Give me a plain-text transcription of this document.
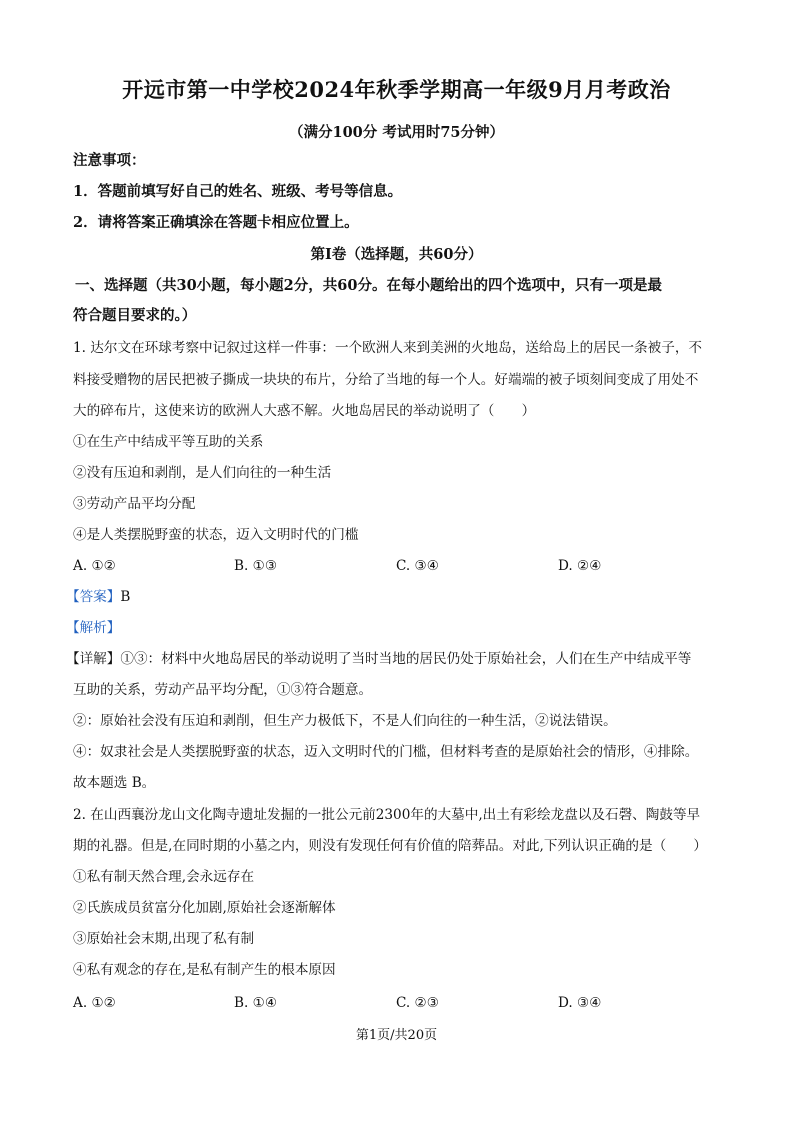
开远市第一中学校2024年秋季学期高一年级9月月考政治
（满分100分 考试用时75分钟）
注意事项：
1．答题前填写好自己的姓名、班级、考号等信息。
2．请将答案正确填涂在答题卡相应位置上。
第Ⅰ卷（选择题，共60分）
一、选择题（共30小题，每小题2分，共60分。在每小题给出的四个选项中，只有一项是最
符合题目要求的。）
1. 达尔文在环球考察中记叙过这样一件事：一个欧洲人来到美洲的火地岛，送给岛上的居民一条被子，不
料接受赠物的居民把被子撕成一块块的布片，分给了当地的每一个人。好端端的被子顷刻间变成了用处不
大的碎布片，这使来访的欧洲人大惑不解。火地岛居民的举动说明了（　　）
①在生产中结成平等互助的关系
②没有压迫和剥削，是人们向往的一种生活
③劳动产品平均分配
④是人类摆脱野蛮的状态，迈入文明时代的门槛
A. ①②	B. ①③	C. ③④	D. ②④
【答案】B
【解析】
【详解】①③：材料中火地岛居民的举动说明了当时当地的居民仍处于原始社会，人们在生产中结成平等
互助的关系，劳动产品平均分配，①③符合题意。
②：原始社会没有压迫和剥削，但生产力极低下，不是人们向往的一种生活，②说法错误。
④：奴隶社会是人类摆脱野蛮的状态，迈入文明时代的门槛，但材料考查的是原始社会的情形，④排除。
故本题选 B。
2. 在山西襄汾龙山文化陶寺遗址发掘的一批公元前2300年的大墓中,出土有彩绘龙盘以及石磬、陶鼓等早
期的礼器。但是,在同时期的小墓之内，则没有发现任何有价值的陪葬品。对此,下列认识正确的是（　　）
①私有制天然合理,会永远存在
②氏族成员贫富分化加剧,原始社会逐渐解体
③原始社会末期,出现了私有制
④私有观念的存在,是私有制产生的根本原因
A. ①②	B. ①④	C. ②③	D. ③④
第1页/共20页
